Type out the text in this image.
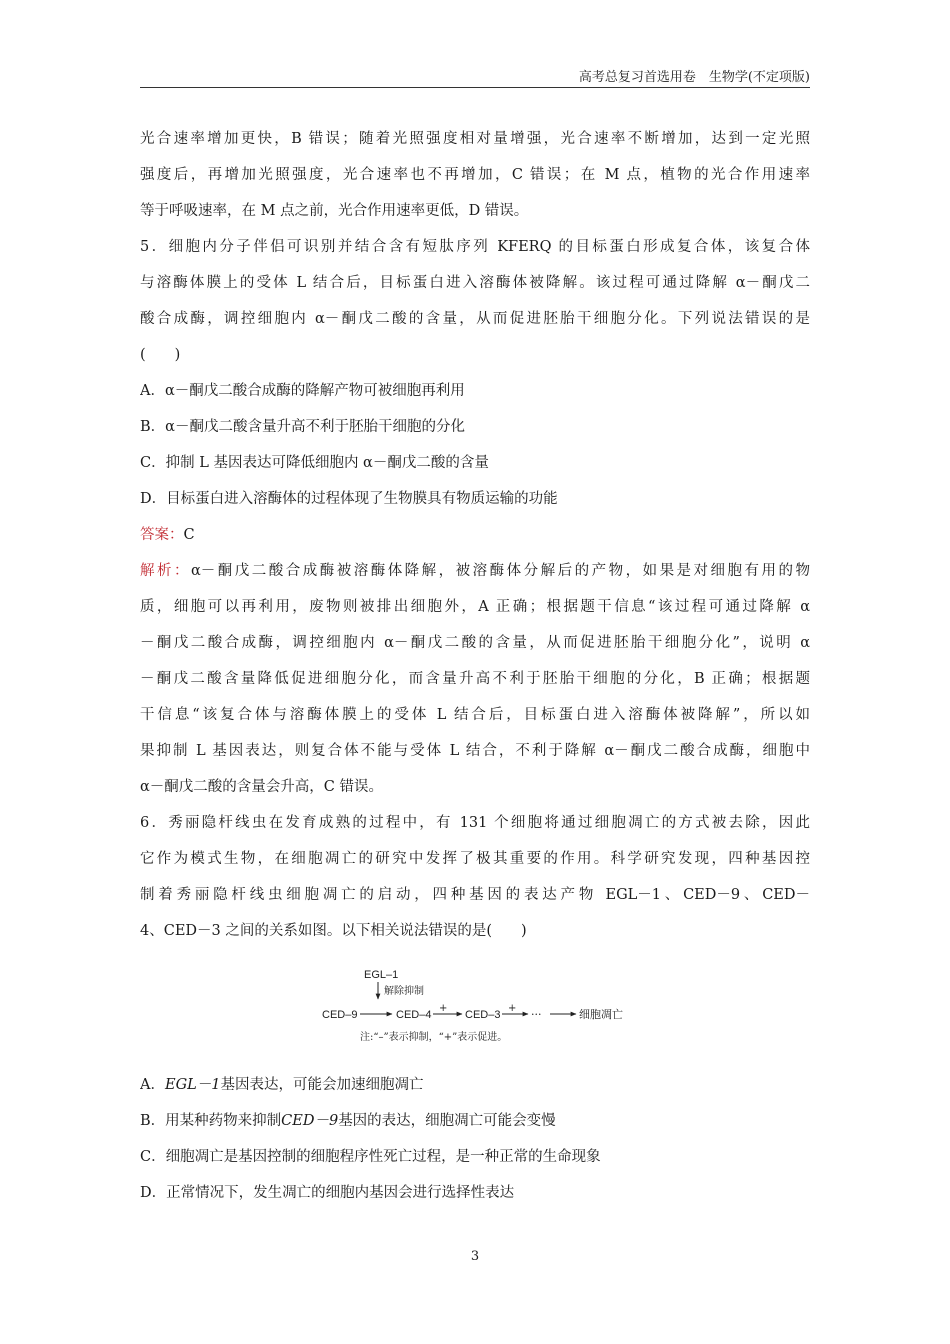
高考总复习首选用卷　生物学(不定项版)
光合速率增加更快，B 错误；随着光照强度相对量增强，光合速率不断增加，达到一定光照
强度后，再增加光照强度，光合速率也不再增加，C 错误；在 M 点，植物的光合作用速率
等于呼吸速率，在 M 点之前，光合作用速率更低，D 错误。
5．细胞内分子伴侣可识别并结合含有短肽序列 KFERQ 的目标蛋白形成复合体，该复合体
与溶酶体膜上的受体 L 结合后，目标蛋白进入溶酶体被降解。该过程可通过降解 α－酮戊二
酸合成酶，调控细胞内 α－酮戊二酸的含量，从而促进胚胎干细胞分化。下列说法错误的是
(　　)
A．α－酮戊二酸合成酶的降解产物可被细胞再利用
B．α－酮戊二酸含量升高不利于胚胎干细胞的分化
C．抑制 L 基因表达可降低细胞内 α－酮戊二酸的含量
D．目标蛋白进入溶酶体的过程体现了生物膜具有物质运输的功能
答案：C
解析：α－酮戊二酸合成酶被溶酶体降解，被溶酶体分解后的产物，如果是对细胞有用的物
质，细胞可以再利用，废物则被排出细胞外，A 正确；根据题干信息“该过程可通过降解 α
－酮戊二酸合成酶，调控细胞内 α－酮戊二酸的含量，从而促进胚胎干细胞分化”，说明 α
－酮戊二酸含量降低促进细胞分化，而含量升高不利于胚胎干细胞的分化，B 正确；根据题
干信息“该复合体与溶酶体膜上的受体 L 结合后，目标蛋白进入溶酶体被降解”，所以如
果抑制 L 基因表达，则复合体不能与受体 L 结合，不利于降解 α－酮戊二酸合成酶，细胞中
α－酮戊二酸的含量会升高，C 错误。
6．秀丽隐杆线虫在发育成熟的过程中，有 131 个细胞将通过细胞凋亡的方式被去除，因此
它作为模式生物，在细胞凋亡的研究中发挥了极其重要的作用。科学研究发现，四种基因控
制着秀丽隐杆线虫细胞凋亡的启动，四种基因的表达产物 EGL－1、CED－9、CED－
4、CED－3 之间的关系如图。以下相关说法错误的是(　　)
EGL–1
解除抑制
CED–9	CED–4
+
CED–3
+ ···	细胞凋亡
注:“–”表示抑制，“+”表示促进。
A．EGL－1基因表达，可能会加速细胞凋亡
B．用某种药物来抑制CED－9基因的表达，细胞凋亡可能会变慢
C．细胞凋亡是基因控制的细胞程序性死亡过程，是一种正常的生命现象
D．正常情况下，发生凋亡的细胞内基因会进行选择性表达
3
